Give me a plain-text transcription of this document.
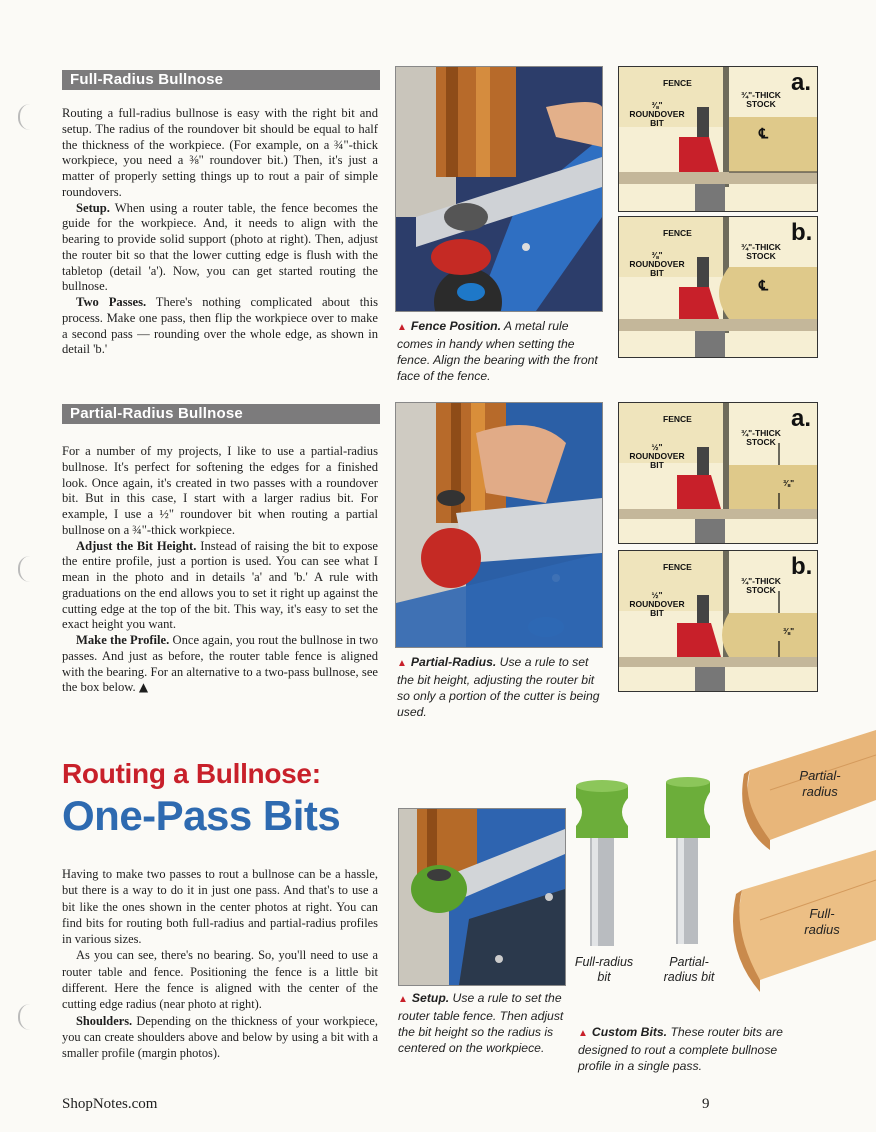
Full-Radius Bullnose

Routing a full-radius bullnose is easy with the right bit and setup. The radius of the roundover bit should be equal to half the thickness of the workpiece. (For example, on a ¾"-thick workpiece, you need a ⅜" roundover bit.) Then, it's just a matter of properly setting things up to rout a pair of simple roundovers.

Setup. When using a router table, the fence becomes the guide for the workpiece. And, it needs to align with the bearing to provide solid support (photo at right). Then, adjust the router bit so that the lower cutting edge is flush with the tabletop (detail 'a'). Now, you can get started routing the bullnose.

Two Passes. There's nothing complicated about this process. Make one pass, then flip the workpiece over to make a second pass — rounding over the whole edge, as shown in detail 'b.'

▲ Fence Position. A metal rule comes in handy when setting the fence. Align the bearing with the front face of the fence.
FENCE
⅜" ROUNDOVER BIT
¾"-THICK STOCK
℄
a.
FENCE
⅜" ROUNDOVER BIT
¾"-THICK STOCK
℄
b.
Partial-Radius Bullnose

For a number of my projects, I like to use a partial-radius bullnose. It's perfect for softening the edges for a finished look. Once again, it's created in two passes with a roundover bit. But in this case, I start with a larger radius bit. For example, I use a ½" roundover bit when routing a partial bullnose on a ¾"-thick workpiece.

Adjust the Bit Height. Instead of raising the bit to expose the entire profile, just a portion is used. You can see what I mean in the photo and in details 'a' and 'b.' A rule with graduations on the end allows you to set it right up against the cutting edge at the top of the bit. This way, it's easy to set the exact height you want.

Make the Profile. Once again, you rout the bullnose in two passes. And just as before, the router table fence is aligned with the bearing. For an alternative to a two-pass bullnose, see the box below. ▲

▲ Partial-Radius. Use a rule to set the bit height, adjusting the router bit so only a portion of the cutter is being used.
FENCE
½" ROUNDOVER BIT
¾"-THICK STOCK
⅜"
a.
FENCE
½" ROUNDOVER BIT
¾"-THICK STOCK
⅜"
b.
Routing a Bullnose:
One-Pass Bits

Having to make two passes to rout a bullnose can be a hassle, but there is a way to do it in just one pass. And that's to use a bit like the ones shown in the center photos at right. You can find bits for routing both full-radius and partial-radius profiles in various sizes.

As you can see, there's no bearing. So, you'll need to use a router table and fence. Positioning the fence is a little bit different. Here the fence is aligned with the center of the cutting edge radius (near photo at right).

Shoulders. Depending on the thickness of your workpiece, you can create shoulders above and below by using a bit with a smaller profile (margin photos).

▲ Setup. Use a rule to set the router table fence. Then adjust the bit height so the radius is centered on the workpiece.
Full-radius bit
Partial-radius bit
▲ Custom Bits. These router bits are designed to rout a complete bullnose profile in a single pass.
Partial-radius
Full-radius
ShopNotes.com	9
